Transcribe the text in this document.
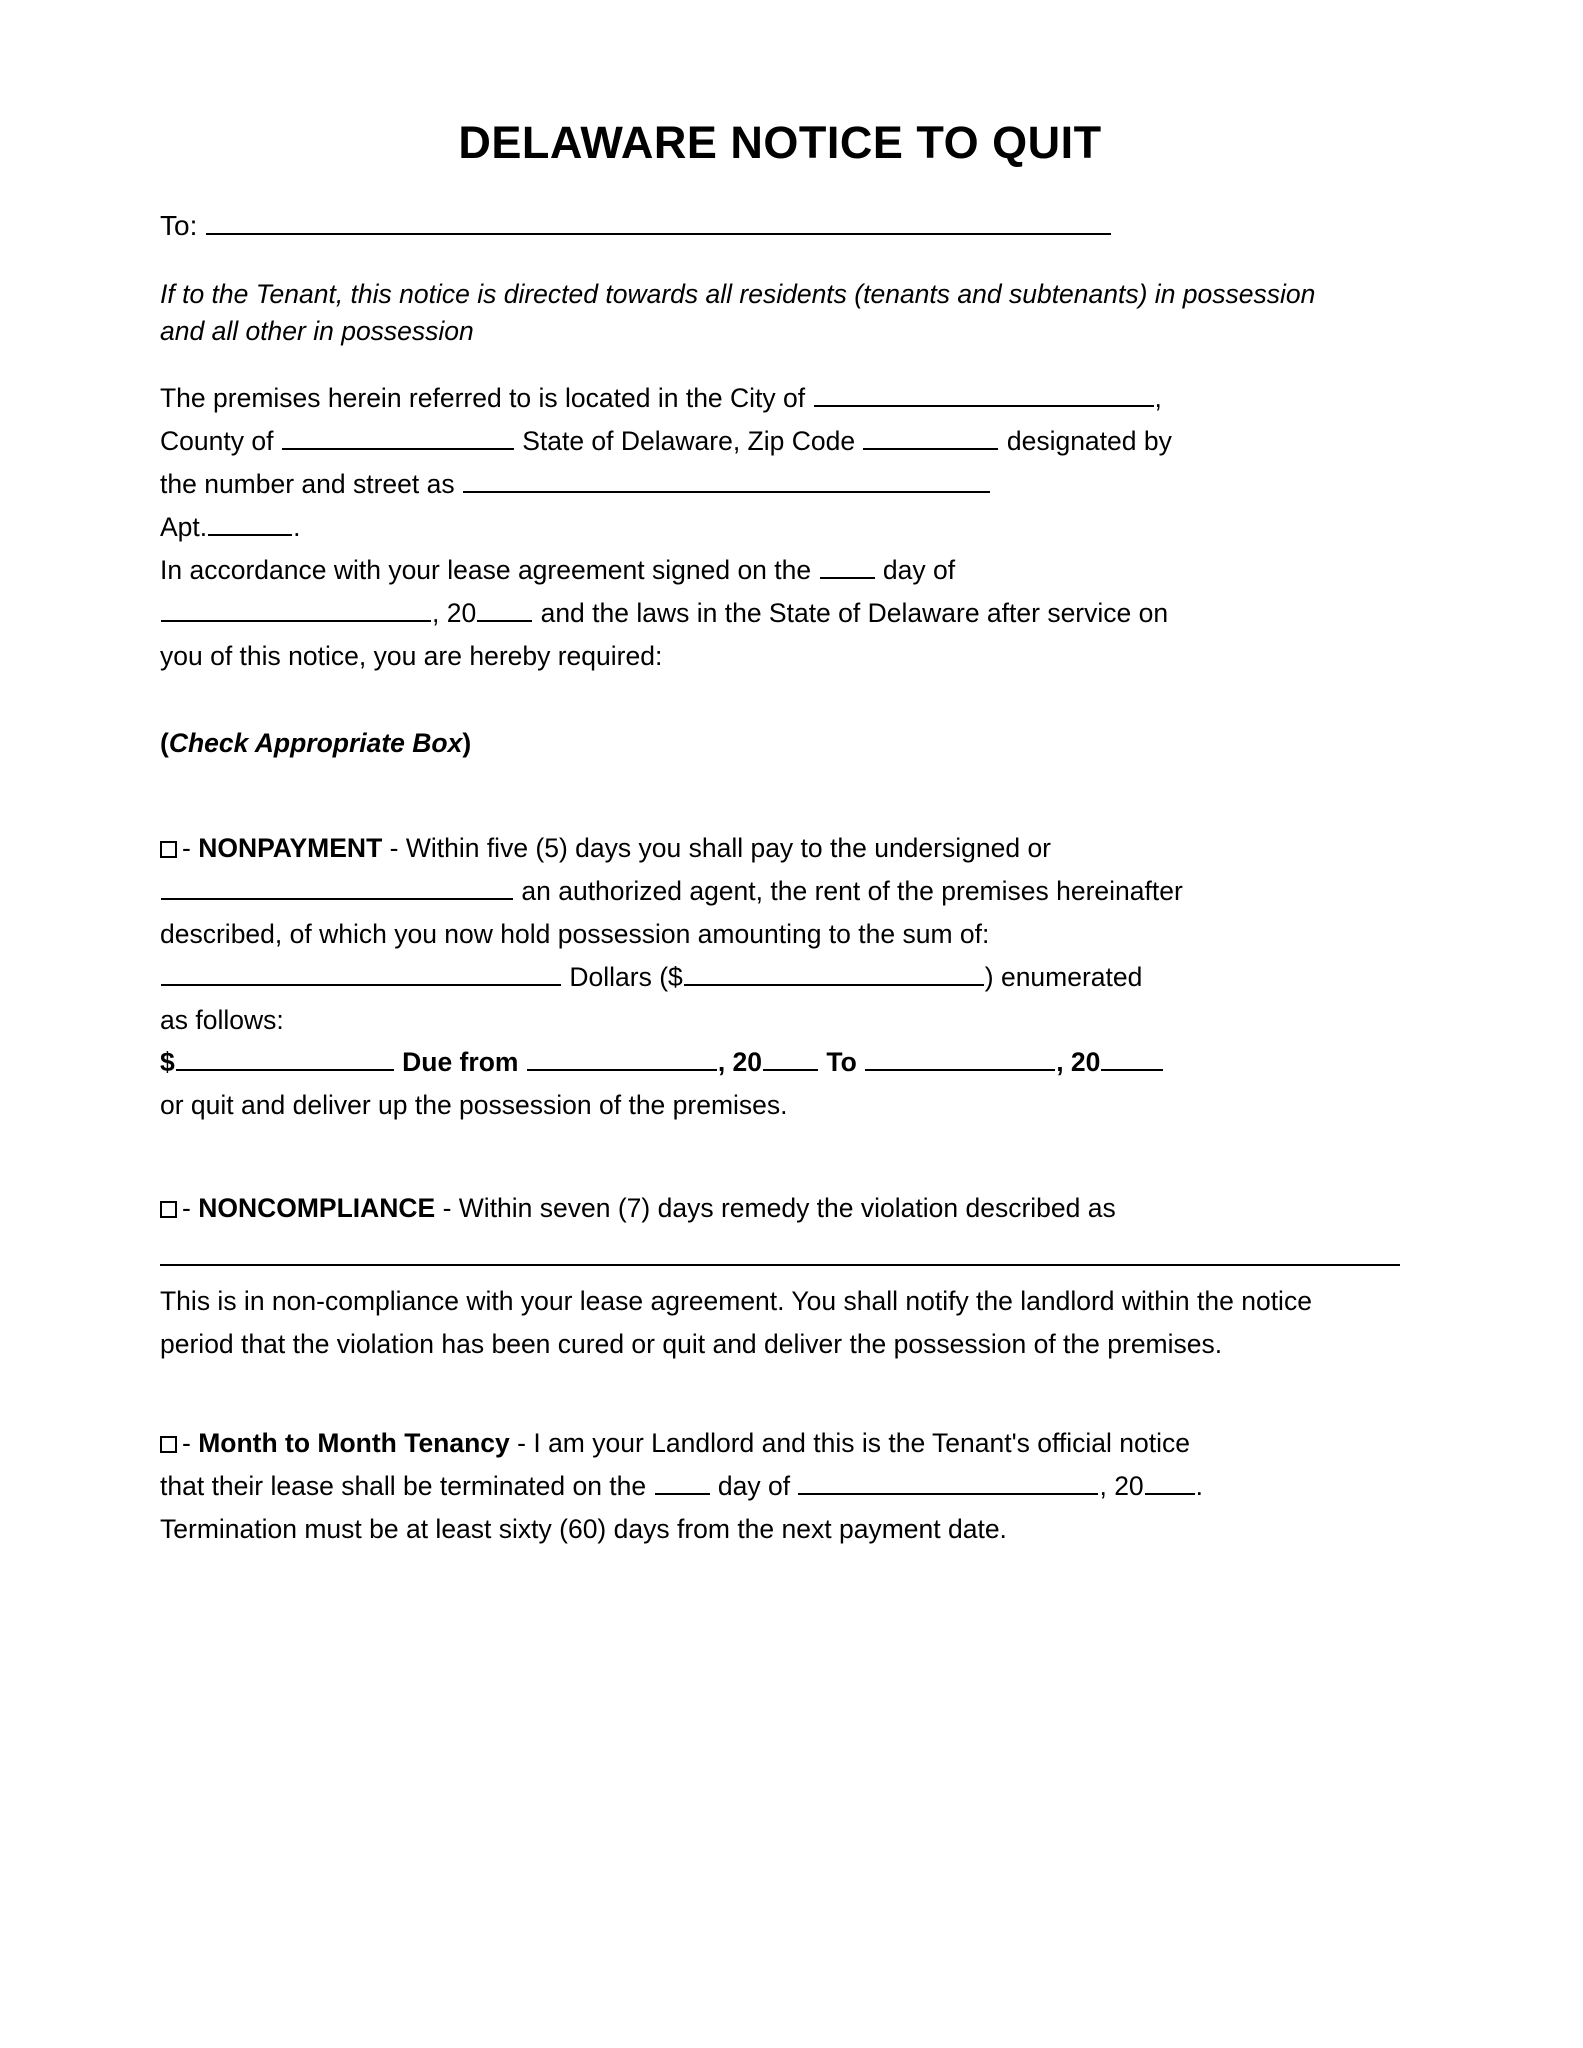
DELAWARE NOTICE TO QUIT
To:
If to the Tenant, this notice is directed towards all residents (tenants and subtenants) in possession and all other in possession
The premises herein referred to is located in the City of	,
County of	State of Delaware, Zip Code	designated by
the number and street as
Apt.	.
In accordance with your lease agreement signed on the	day of
, 20 and the laws in the State of Delaware after service on
you of this notice, you are hereby required:
(Check Appropriate Box)
- NONPAYMENT - Within five (5) days you shall pay to the undersigned or
an authorized agent, the rent of the premises hereinafter
described, of which you now hold possession amounting to the sum of:
Dollars ($	) enumerated
as follows:
$	Due from	, 20 To	, 20
or quit and deliver up the possession of the premises.
- NONCOMPLIANCE - Within seven (7) days remedy the violation described as
This is in non-compliance with your lease agreement. You shall notify the landlord within the notice period that the violation has been cured or quit and deliver the possession of the premises.
- Month to Month Tenancy - I am your Landlord and this is the Tenant's official notice
that their lease shall be terminated on the	day of	, 20 .
Termination must be at least sixty (60) days from the next payment date.
